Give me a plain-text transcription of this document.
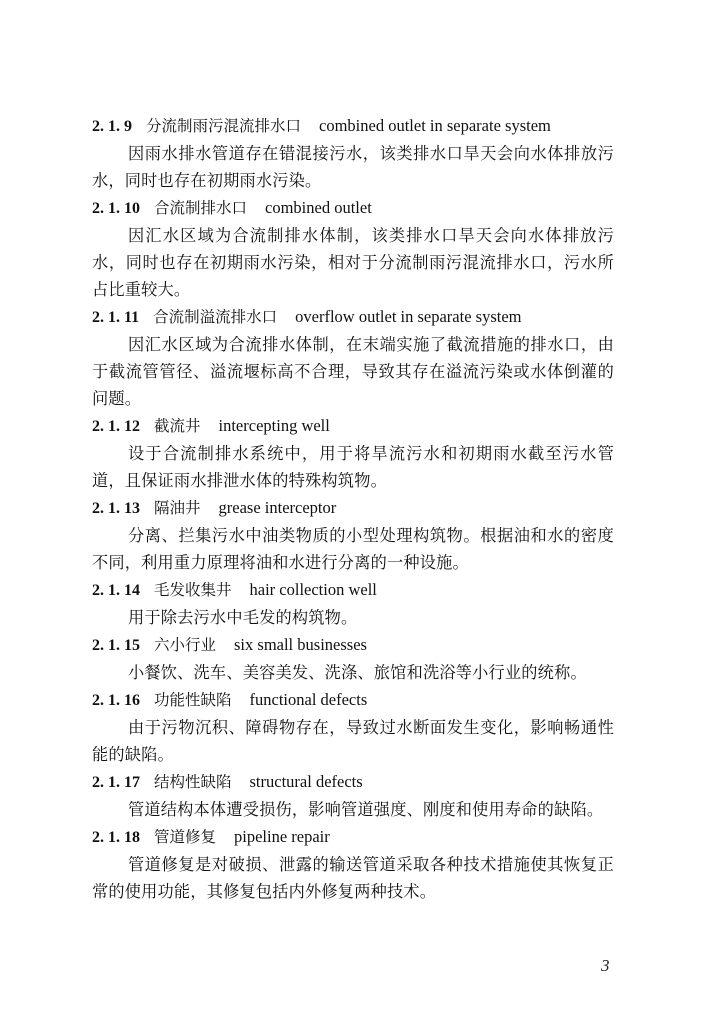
2. 1. 9 分流制雨污混流排水口 combined outlet in separate system

因雨水排水管道存在错混接污水，该类排水口旱天会向水体排放污水，同时也存在初期雨水污染。

2. 1. 10 合流制排水口 combined outlet

因汇水区域为合流制排水体制，该类排水口旱天会向水体排放污水，同时也存在初期雨水污染，相对于分流制雨污混流排水口，污水所占比重较大。

2. 1. 11 合流制溢流排水口 overflow outlet in separate system

因汇水区域为合流排水体制，在末端实施了截流措施的排水口，由于截流管管径、溢流堰标高不合理，导致其存在溢流污染或水体倒灌的问题。

2. 1. 12 截流井 intercepting well

设于合流制排水系统中，用于将旱流污水和初期雨水截至污水管道，且保证雨水排泄水体的特殊构筑物。

2. 1. 13 隔油井 grease interceptor

分离、拦集污水中油类物质的小型处理构筑物。根据油和水的密度不同，利用重力原理将油和水进行分离的一种设施。

2. 1. 14 毛发收集井 hair collection well

用于除去污水中毛发的构筑物。

2. 1. 15 六小行业 six small businesses

小餐饮、洗车、美容美发、洗涤、旅馆和洗浴等小行业的统称。

2. 1. 16 功能性缺陷 functional defects

由于污物沉积、障碍物存在，导致过水断面发生变化，影响畅通性能的缺陷。

2. 1. 17 结构性缺陷 structural defects

管道结构本体遭受损伤，影响管道强度、刚度和使用寿命的缺陷。

2. 1. 18 管道修复 pipeline repair

管道修复是对破损、泄露的输送管道采取各种技术措施使其恢复正常的使用功能，其修复包括内外修复两种技术。

3
